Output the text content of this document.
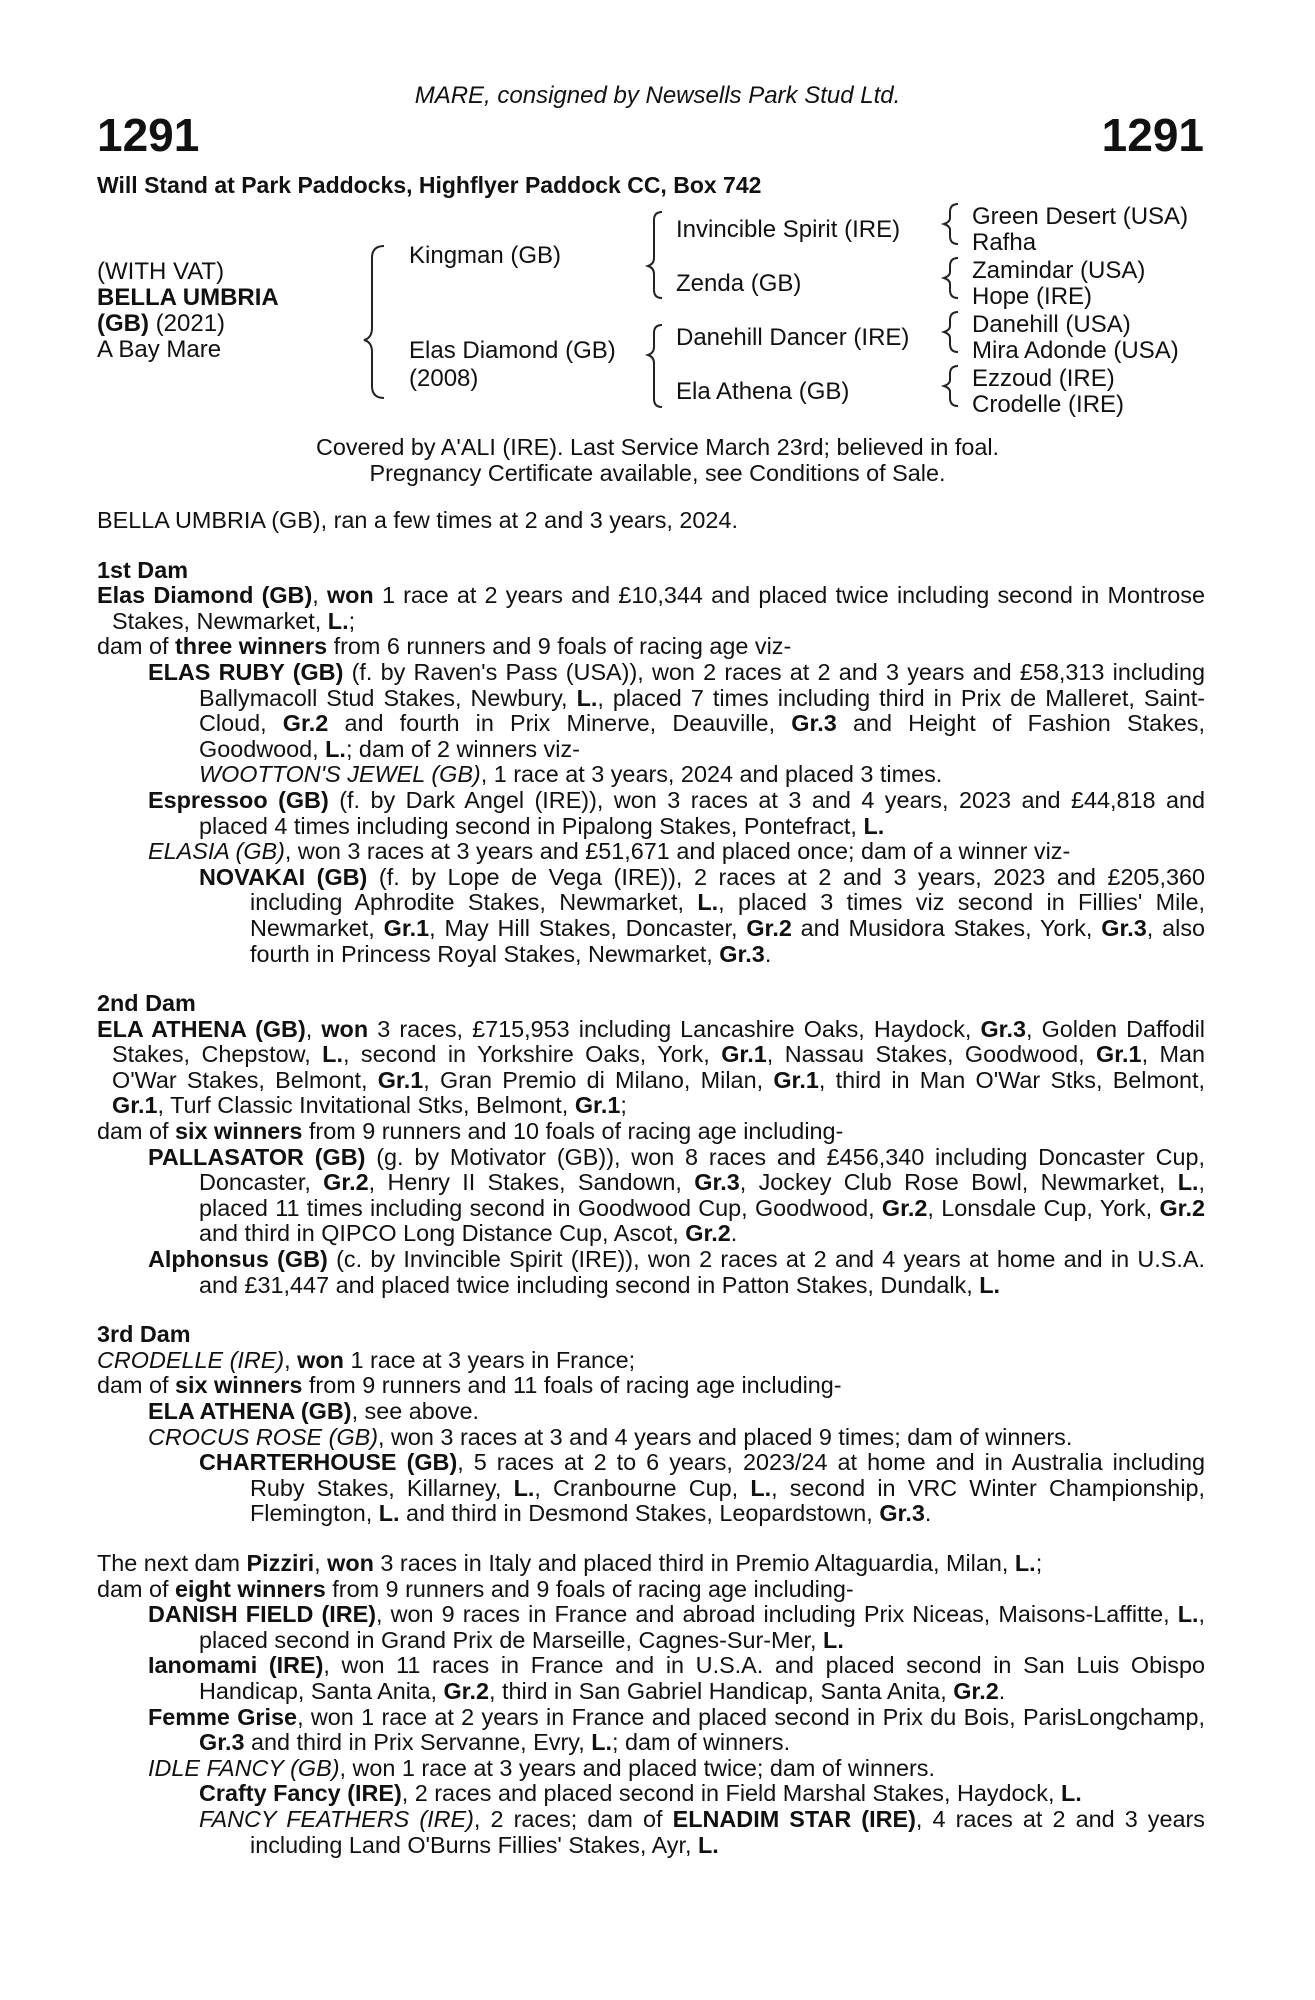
MARE, consigned by Newsells Park Stud Ltd.
1291	1291
Will Stand at Park Paddocks, Highflyer Paddock CC, Box 742
(WITH VAT)
BELLA UMBRIA
(GB) (2021)
A Bay Mare
Kingman (GB)
Elas Diamond (GB)
(2008)
Invincible Spirit (IRE)
Zenda (GB)
Danehill Dancer (IRE)
Ela Athena (GB)
Green Desert (USA)
Rafha
Zamindar (USA)
Hope (IRE)
Danehill (USA)
Mira Adonde (USA)
Ezzoud (IRE)
Crodelle (IRE)
Covered by A'ALI (IRE). Last Service March 23rd; believed in foal.
Pregnancy Certificate available, see Conditions of Sale.

BELLA UMBRIA (GB), ran a few times at 2 and 3 years, 2024.

1st Dam

Elas Diamond (GB), won 1 race at 2 years and £10,344 and placed twice including second in Montrose Stakes, Newmarket, L.;

dam of three winners from 6 runners and 9 foals of racing age viz-

ELAS RUBY (GB) (f. by Raven's Pass (USA)), won 2 races at 2 and 3 years and £58,313 including Ballymacoll Stud Stakes, Newbury, L., placed 7 times including third in Prix de Malleret, Saint-Cloud, Gr.2 and fourth in Prix Minerve, Deauville, Gr.3 and Height of Fashion Stakes, Goodwood, L.; dam of 2 winners viz-

WOOTTON'S JEWEL (GB), 1 race at 3 years, 2024 and placed 3 times.

Espressoo (GB) (f. by Dark Angel (IRE)), won 3 races at 3 and 4 years, 2023 and £44,818 and placed 4 times including second in Pipalong Stakes, Pontefract, L.

ELASIA (GB), won 3 races at 3 years and £51,671 and placed once; dam of a winner viz-

NOVAKAI (GB) (f. by Lope de Vega (IRE)), 2 races at 2 and 3 years, 2023 and £205,360 including Aphrodite Stakes, Newmarket, L., placed 3 times viz second in Fillies' Mile, Newmarket, Gr.1, May Hill Stakes, Doncaster, Gr.2 and Musidora Stakes, York, Gr.3, also fourth in Princess Royal Stakes, Newmarket, Gr.3.

2nd Dam

ELA ATHENA (GB), won 3 races, £715,953 including Lancashire Oaks, Haydock, Gr.3, Golden Daffodil Stakes, Chepstow, L., second in Yorkshire Oaks, York, Gr.1, Nassau Stakes, Goodwood, Gr.1, Man O'War Stakes, Belmont, Gr.1, Gran Premio di Milano, Milan, Gr.1, third in Man O'War Stks, Belmont, Gr.1, Turf Classic Invitational Stks, Belmont, Gr.1;

dam of six winners from 9 runners and 10 foals of racing age including-

PALLASATOR (GB) (g. by Motivator (GB)), won 8 races and £456,340 including Doncaster Cup, Doncaster, Gr.2, Henry II Stakes, Sandown, Gr.3, Jockey Club Rose Bowl, Newmarket, L., placed 11 times including second in Goodwood Cup, Goodwood, Gr.2, Lonsdale Cup, York, Gr.2 and third in QIPCO Long Distance Cup, Ascot, Gr.2.

Alphonsus (GB) (c. by Invincible Spirit (IRE)), won 2 races at 2 and 4 years at home and in U.S.A. and £31,447 and placed twice including second in Patton Stakes, Dundalk, L.

3rd Dam

CRODELLE (IRE), won 1 race at 3 years in France;

dam of six winners from 9 runners and 11 foals of racing age including-

ELA ATHENA (GB), see above.

CROCUS ROSE (GB), won 3 races at 3 and 4 years and placed 9 times; dam of winners.

CHARTERHOUSE (GB), 5 races at 2 to 6 years, 2023/24 at home and in Australia including Ruby Stakes, Killarney, L., Cranbourne Cup, L., second in VRC Winter Championship, Flemington, L. and third in Desmond Stakes, Leopardstown, Gr.3.

The next dam Pizziri, won 3 races in Italy and placed third in Premio Altaguardia, Milan, L.;

dam of eight winners from 9 runners and 9 foals of racing age including-

DANISH FIELD (IRE), won 9 races in France and abroad including Prix Niceas, Maisons-Laffitte, L., placed second in Grand Prix de Marseille, Cagnes-Sur-Mer, L.

Ianomami (IRE), won 11 races in France and in U.S.A. and placed second in San Luis Obispo Handicap, Santa Anita, Gr.2, third in San Gabriel Handicap, Santa Anita, Gr.2.

Femme Grise, won 1 race at 2 years in France and placed second in Prix du Bois, ParisLongchamp, Gr.3 and third in Prix Servanne, Evry, L.; dam of winners.

IDLE FANCY (GB), won 1 race at 3 years and placed twice; dam of winners.

Crafty Fancy (IRE), 2 races and placed second in Field Marshal Stakes, Haydock, L.

FANCY FEATHERS (IRE), 2 races; dam of ELNADIM STAR (IRE), 4 races at 2 and 3 years including Land O'Burns Fillies' Stakes, Ayr, L.
